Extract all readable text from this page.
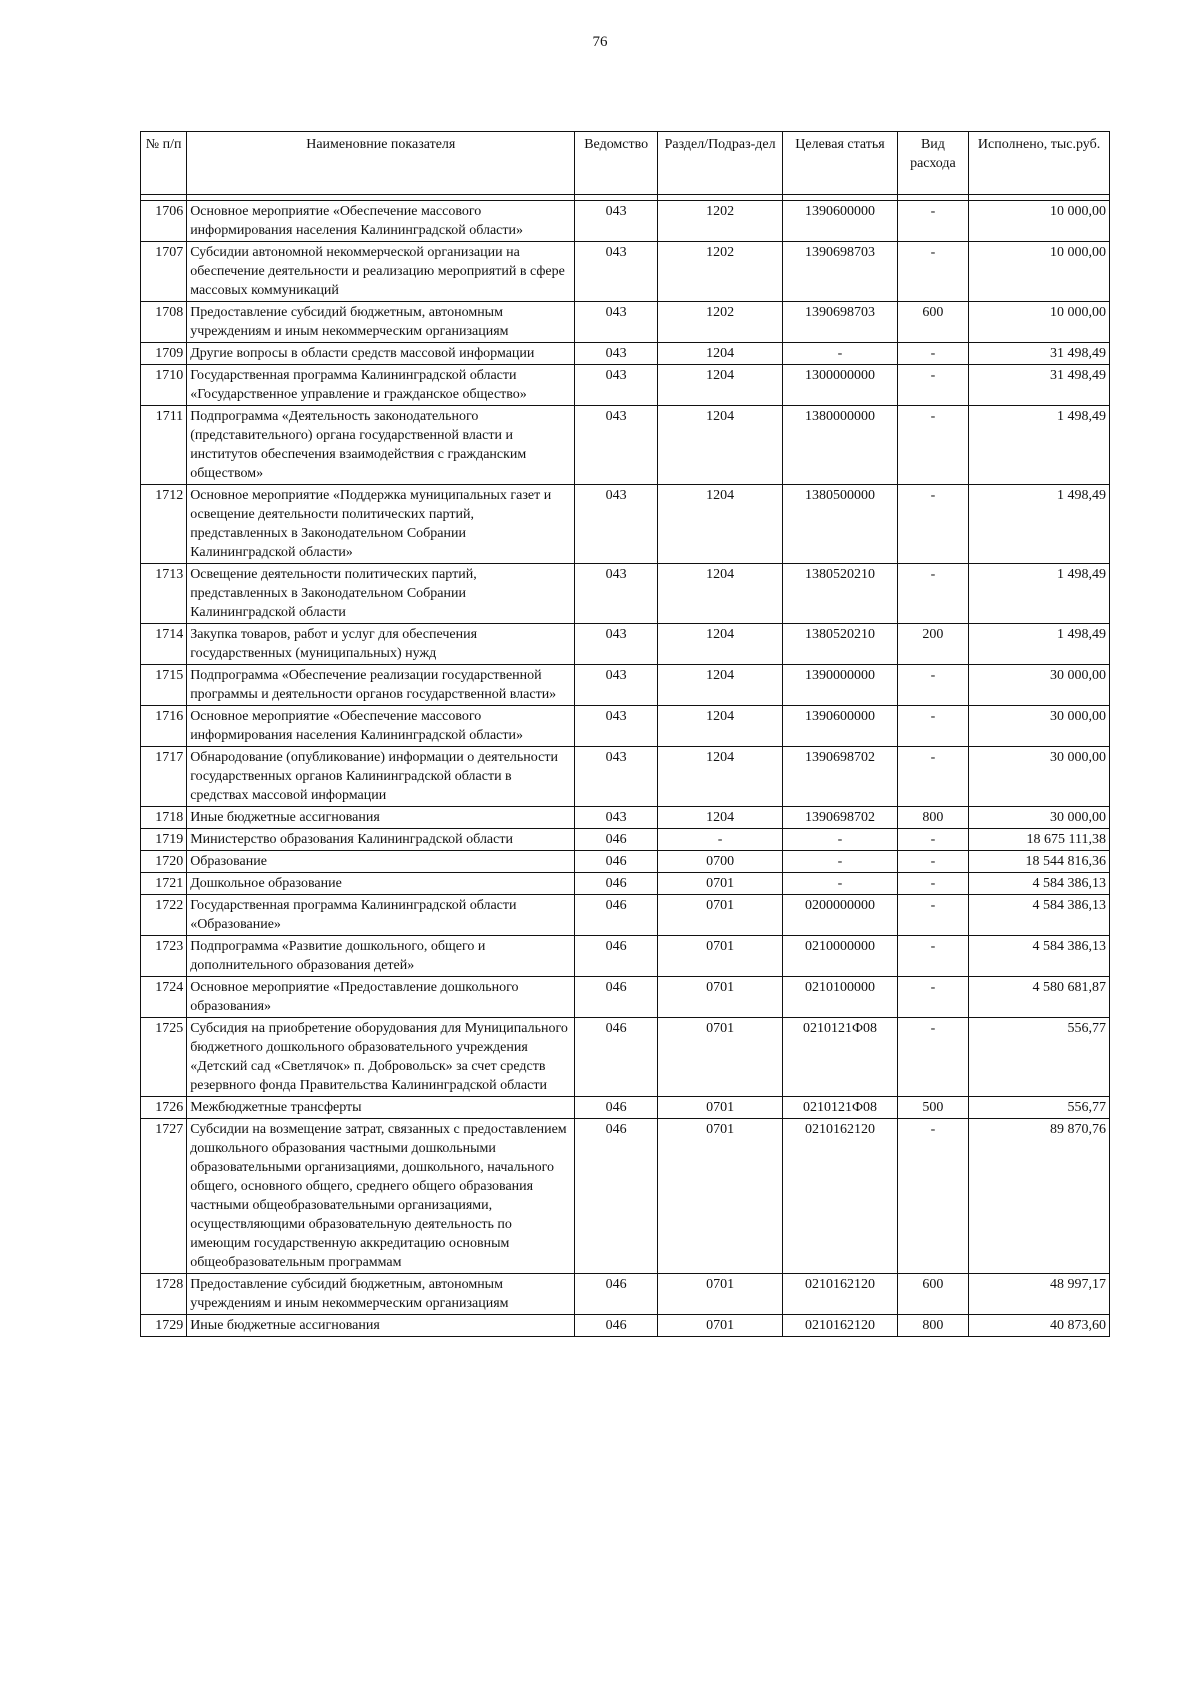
76
№ п/п	Наименовние показателя	Ведомство	Раздел/Подраз-дел	Целевая статья	Вид расхода	Исполнено, тыс.руб.

1706	Основное мероприятие «Обеспечение массового информирования населения Калининградской области»	043	1202	1390600000	-	10 000,00
1707	Субсидии автономной некоммерческой организации на обеспечение деятельности и реализацию мероприятий в сфере массовых коммуникаций	043	1202	1390698703	-	10 000,00
1708	Предоставление субсидий бюджетным, автономным учреждениям и иным некоммерческим организациям	043	1202	1390698703	600	10 000,00
1709	Другие вопросы в области средств массовой информации	043	1204	-	-	31 498,49
1710	Государственная программа Калининградской области «Государственное управление и гражданское общество»	043	1204	1300000000	-	31 498,49
1711	Подпрограмма «Деятельность законодательного (представительного) органа государственной власти и институтов обеспечения взаимодействия с гражданским обществом»	043	1204	1380000000	-	1 498,49
1712	Основное мероприятие «Поддержка муниципальных газет и освещение деятельности политических партий, представленных в Законодательном Собрании Калининградской области»	043	1204	1380500000	-	1 498,49
1713	Освещение деятельности политических партий, представленных в Законодательном Собрании Калининградской области	043	1204	1380520210	-	1 498,49
1714	Закупка товаров, работ и услуг для обеспечения государственных (муниципальных) нужд	043	1204	1380520210	200	1 498,49
1715	Подпрограмма «Обеспечение реализации государственной программы и деятельности органов государственной власти»	043	1204	1390000000	-	30 000,00
1716	Основное мероприятие «Обеспечение массового информирования населения Калининградской области»	043	1204	1390600000	-	30 000,00
1717	Обнародование (опубликование) информации о деятельности государственных органов Калининградской области в средствах массовой информации	043	1204	1390698702	-	30 000,00
1718	Иные бюджетные ассигнования	043	1204	1390698702	800	30 000,00
1719	Министерство образования Калининградской области	046	-	-	-	18 675 111,38
1720	Образование	046	0700	-	-	18 544 816,36
1721	Дошкольное образование	046	0701	-	-	4 584 386,13
1722	Государственная программа Калининградской области «Образование»	046	0701	0200000000	-	4 584 386,13
1723	Подпрограмма «Развитие дошкольного, общего и дополнительного образования детей»	046	0701	0210000000	-	4 584 386,13
1724	Основное мероприятие «Предоставление дошкольного образования»	046	0701	0210100000	-	4 580 681,87
1725	Субсидия на приобретение оборудования для Муниципального бюджетного дошкольного образовательного учреждения «Детский сад «Светлячок» п. Добровольск» за счет средств резервного фонда Правительства Калининградской области	046	0701	0210121Ф08	-	556,77
1726	Межбюджетные трансферты	046	0701	0210121Ф08	500	556,77
1727	Субсидии на возмещение затрат, связанных с предоставлением дошкольного образования частными дошкольными образовательными организациями, дошкольного, начального общего, основного общего, среднего общего образования частными общеобразовательными организациями, осуществляющими образовательную деятельность по имеющим государственную аккредитацию основным общеобразовательным программам	046	0701	0210162120	-	89 870,76
1728	Предоставление субсидий бюджетным, автономным учреждениям и иным некоммерческим организациям	046	0701	0210162120	600	48 997,17
1729	Иные бюджетные ассигнования	046	0701	0210162120	800	40 873,60
